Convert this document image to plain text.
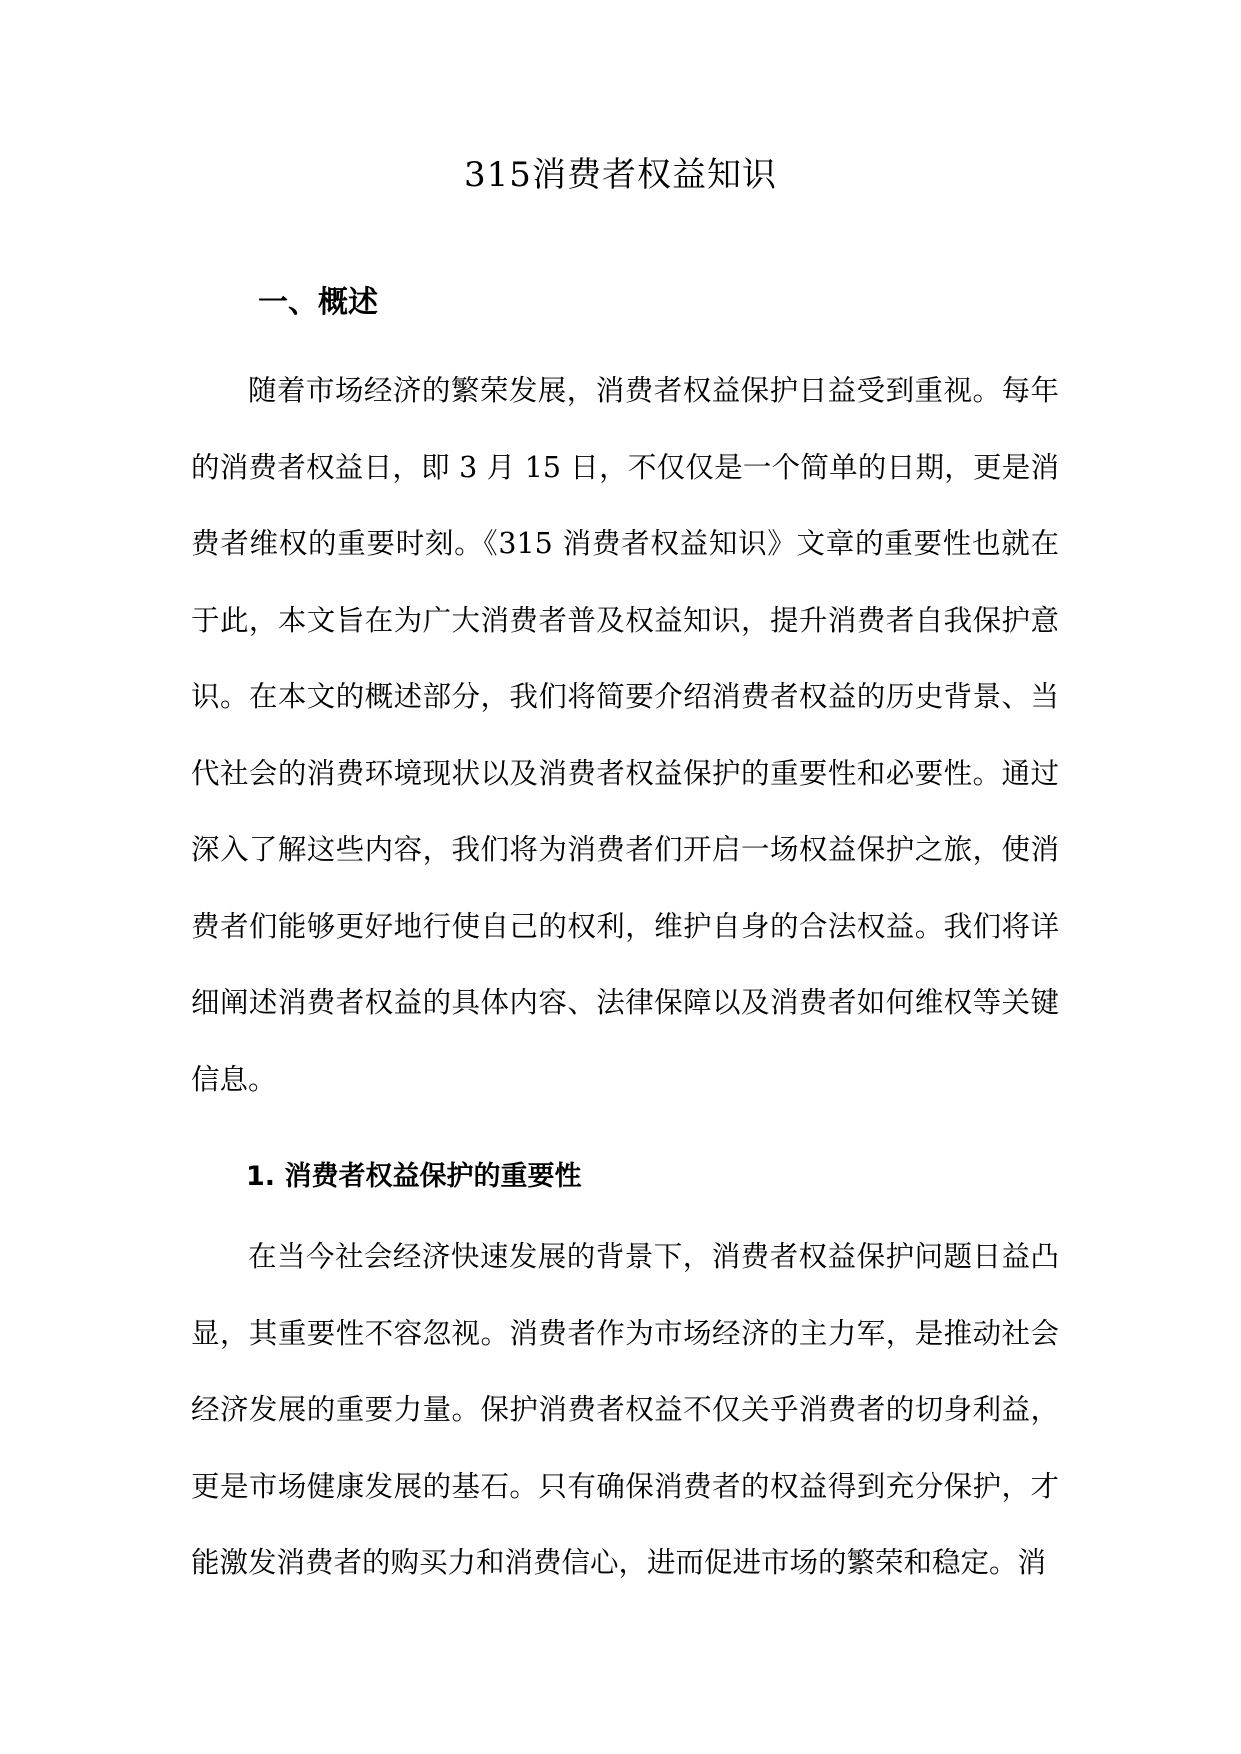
315消费者权益知识
一、概述

随着市场经济的繁荣发展，消费者权益保护日益受到重视。每年的消费者权益日，即 3 月 15 日，不仅仅是一个简单的日期，更是消费者维权的重要时刻。《315 消费者权益知识》文章的重要性也就在于此，本文旨在为广大消费者普及权益知识，提升消费者自我保护意识。在本文的概述部分，我们将简要介绍消费者权益的历史背景、当代社会的消费环境现状以及消费者权益保护的重要性和必要性。通过深入了解这些内容，我们将为消费者们开启一场权益保护之旅，使消费者们能够更好地行使自己的权利，维护自身的合法权益。我们将详细阐述消费者权益的具体内容、法律保障以及消费者如何维权等关键信息。

1. 消费者权益保护的重要性

在当今社会经济快速发展的背景下，消费者权益保护问题日益凸显，其重要性不容忽视。消费者作为市场经济的主力军，是推动社会经济发展的重要力量。保护消费者权益不仅关乎消费者的切身利益，更是市场健康发展的基石。只有确保消费者的权益得到充分保护，才能激发消费者的购买力和消费信心，进而促进市场的繁荣和稳定。消
